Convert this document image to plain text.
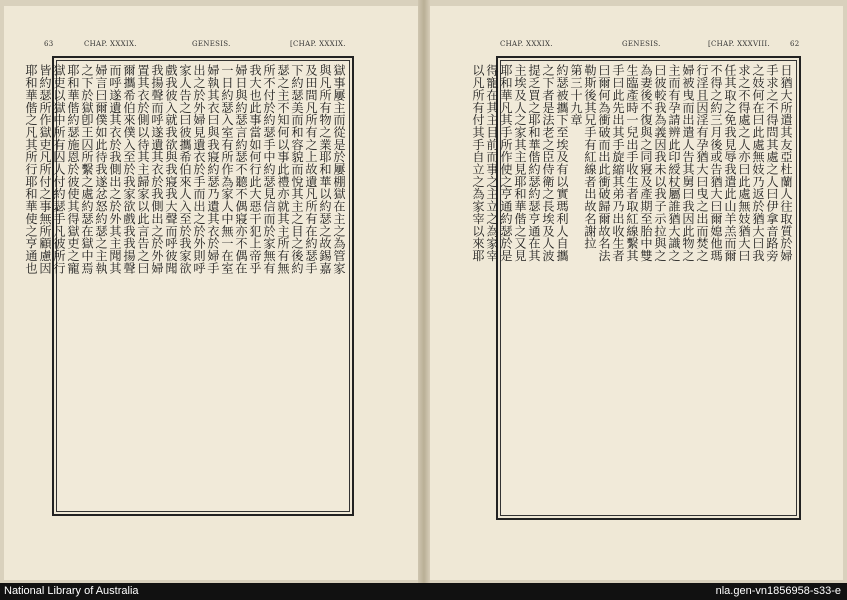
63	CHAP. XXXIX.	GENESIS.	[CHAP. XXXIX.	CHAP. XXXIX.	GENESIS.	[CHAP. XXXVIII.	62
獄事屢主而從是於屢棚獄在主之為管家
與凡所有物之業耶和華以約瑟之故錫嘉
及田間凡所有之上故遺凡所有在約瑟手
下約瑟美而和容貌而悅其主之目之後約
瑟之主不知何以事此禮亦就其主所有無
所不付於約瑟手中約瑟見信而於家無有
我大也此事當如何行此大惡干犯上帝乎
婦日與約瑟言約瑟不聽不偶寢亦不偶在
一日約瑟入室有所作為家人中無一在室
婦執其衣曰與我寢約瑟乃遺其衣於婦手
出之於外婦見遺衣於手而出之於外則呼
家人告之曰彼攜希伯來人入至於我家欲
戲我彼入就我欲與我寢我大聲而呼彼聞
我揚聲而呼遂遺其衣於我側出之於外婦
置其衣於側以待其主歸家以此言告之曰
爾攜希伯來僕入至於我家欲戲我我揚聲
而呼遂遺其衣於我側出之於外其主聞其
婦言曰爾僕如此待我遂忿怒約瑟之主執
之下於獄卽王囚所繫之處約瑟在獄中焉
耶和華偕約瑟施恩於彼使其得獄吏之寵
獄吏以獄中所有囚人付約瑟手凡彼所行
皆約瑟所作獄吏凡所付之事無所顧慮因
耶和華偕之凡其所行耶和華使之亨通也	日猶大所遣其友亞杜蘭人往取質於婦
手求之不得問其處之人曰伊拿音路旁
之妓何在曰此處無妓乃返於猶大曰我
求之不得處之人亦曰此處無妓猶大曰
任其取之免我見辱我遣此山羊羔而爾
不得之約三月後或告猶大曰爾媳他瑪
行淫且因淫有孕猶大曰曳之出而焚之
婦被曳而出遣人告其舅曰我因此物之
主而有孕請辨此印綬杖屬誰猶大識之
曰彼較我為義因我未以我子示拉與之
為妻後不復與之同寢及產期至胎中雙
生臨產時一兒出手收生者取紅線繫其
手曰此先出其手旋縮其弟乃出收生者
曰爾何為衝破而出此衝破歸爾故名法
勒斯後其兄手有紅線者出故名謝拉
第三十九章
約瑟被攜下至埃及有以實瑪利人自攜
之下者是法老之臣侍衛之長埃及人波
提乏買之耶和華偕約瑟約瑟亨通在其
主埃及人之家其主見耶和華偕之又見
耶和華凡其手所作使之亨通約瑟於是
得寵在其主目前而事之主立之為家宰
以凡所有付其手自立之為家宰以來耶
National Library of Australia	nla.gen-vn1856958-s33-e
